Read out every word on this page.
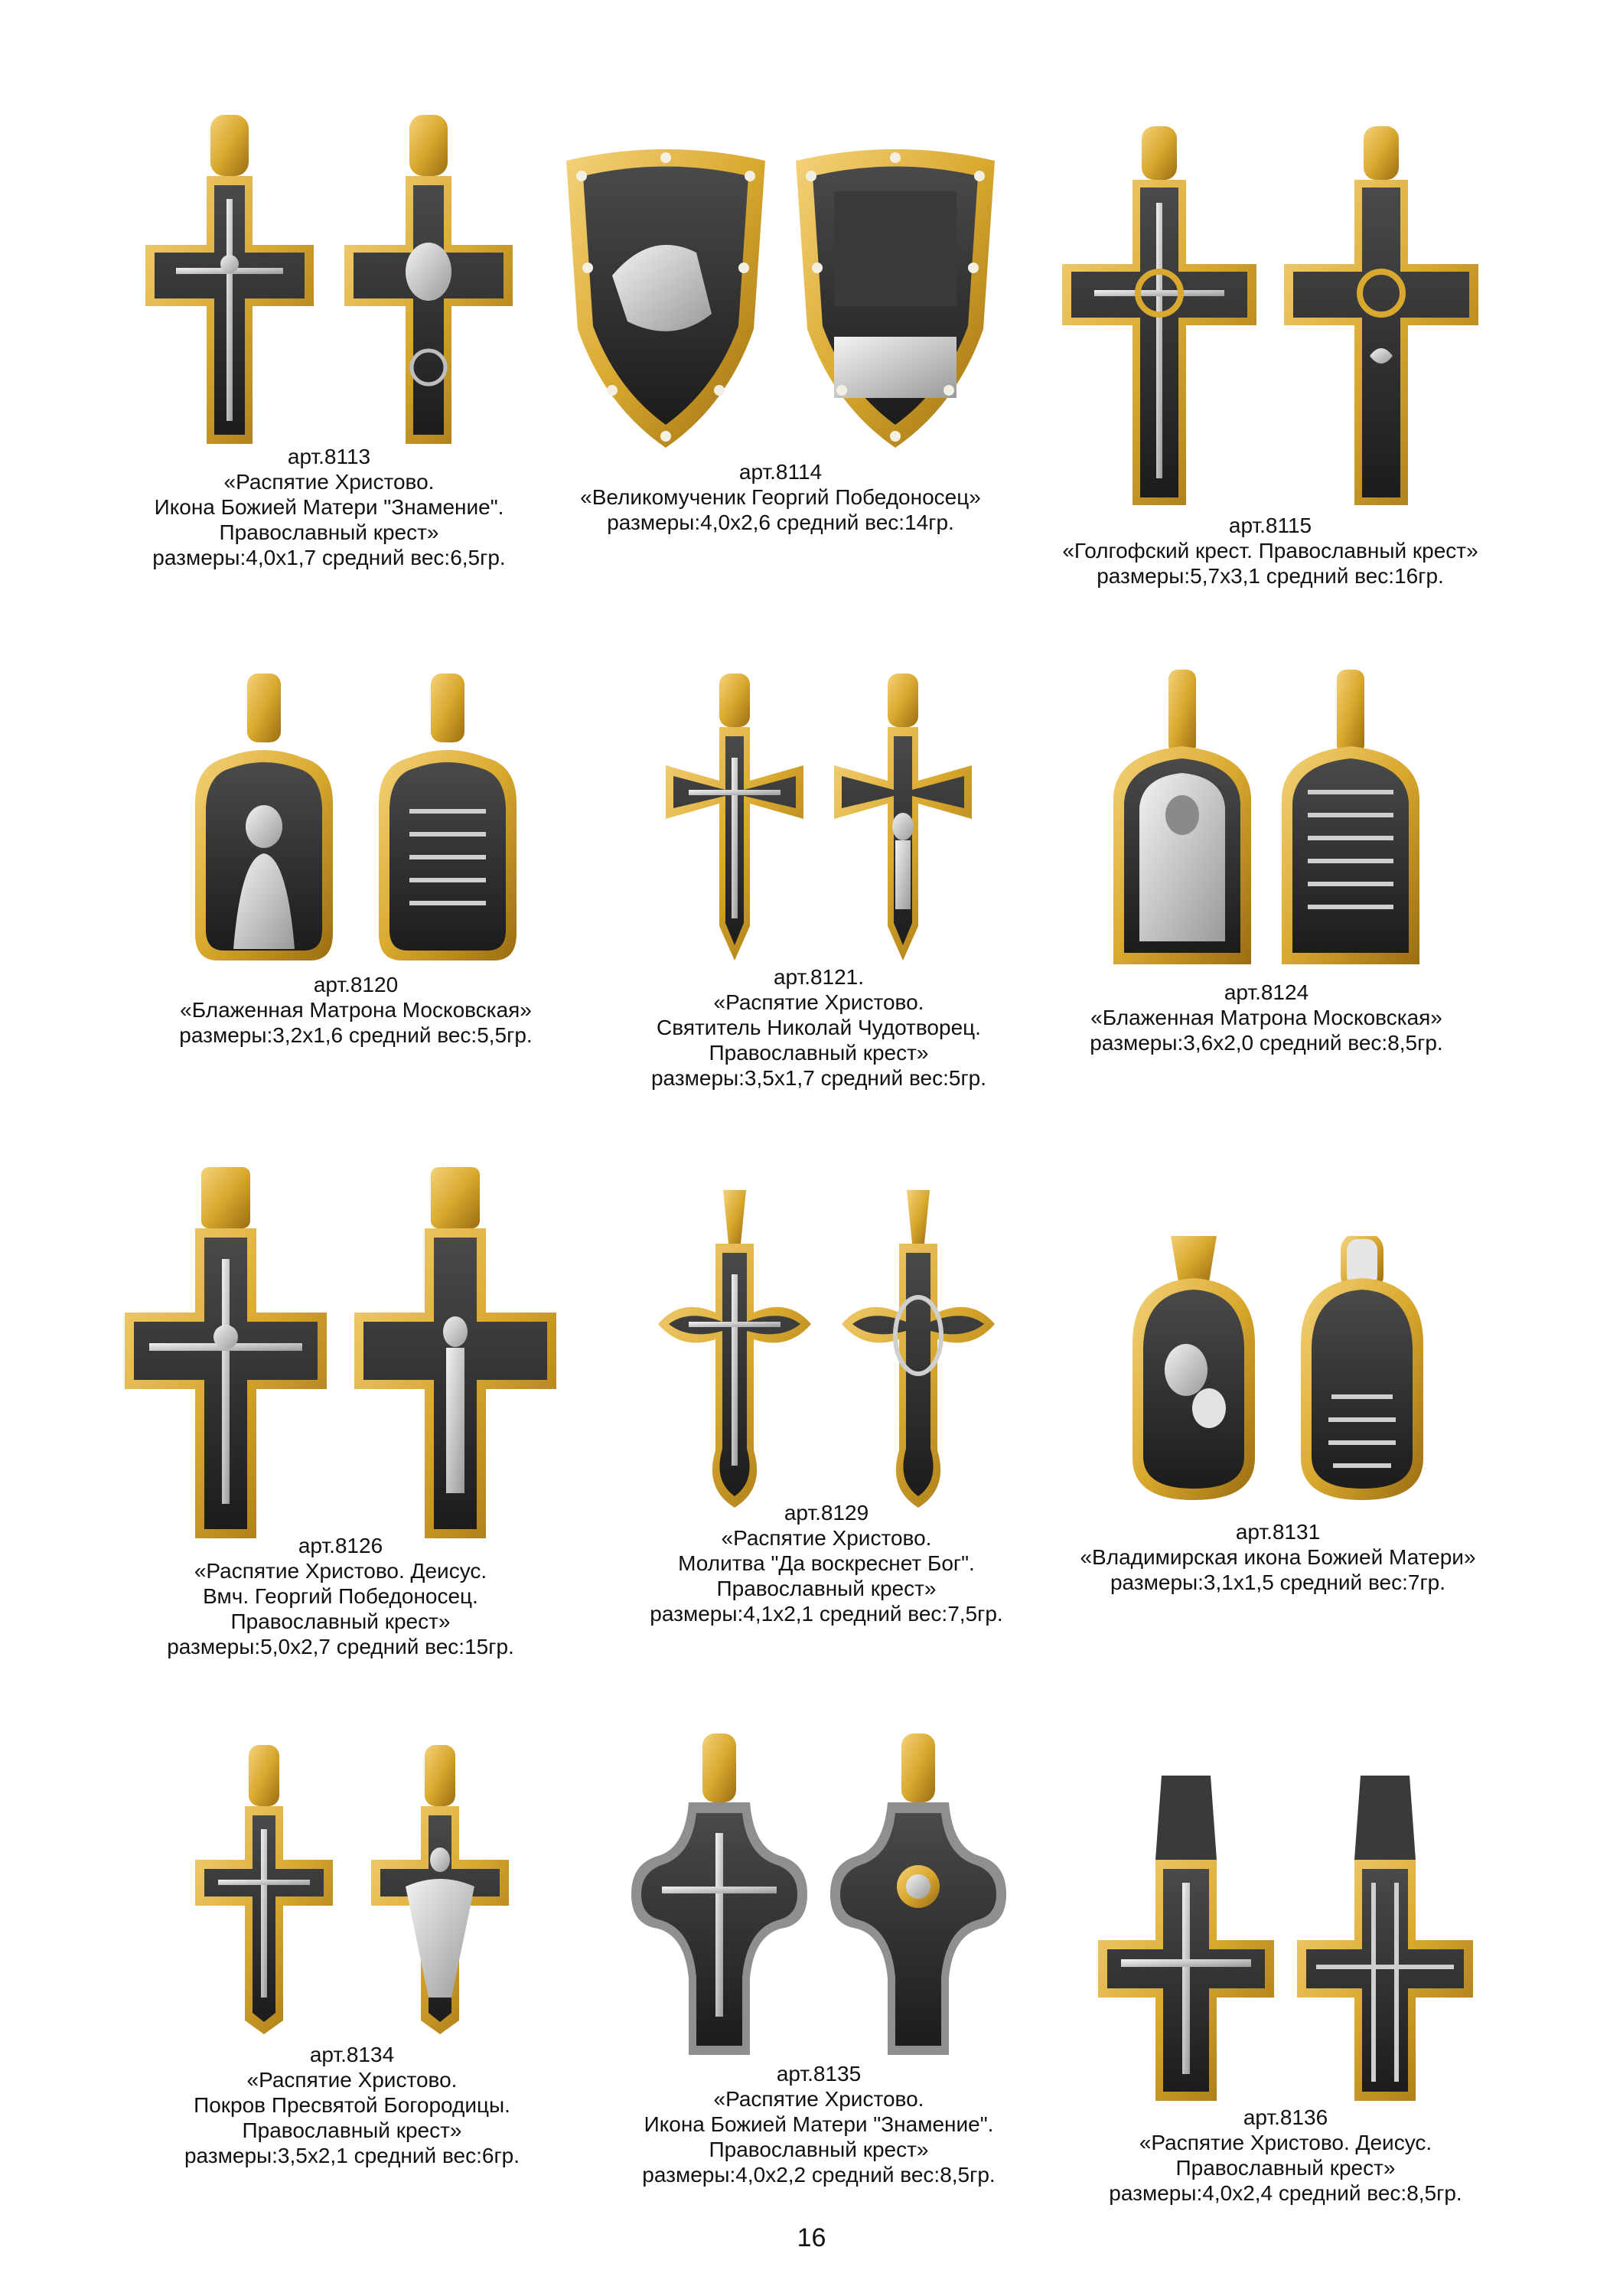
арт.8113
«Распятие Христово.
Икона Божией Матери "Знамение".
Православный крест»
размеры:4,0х1,7 средний вес:6,5гр.
арт.8114
«Великомученик Георгий Победоносец»
размеры:4,0х2,6 средний вес:14гр.	арт.8115
«Голгофский крест. Православный крест»
размеры:5,7х3,1 средний вес:16гр.
арт.8120
«Блаженная Матрона Московская»
размеры:3,2х1,6 средний вес:5,5гр.
арт.8121.
«Распятие Христово.
Святитель Николай Чудотворец.
Православный крест»
размеры:3,5х1,7 средний вес:5гр.
арт.8124
«Блаженная Матрона Московская»
размеры:3,6х2,0 средний вес:8,5гр.
арт.8126
«Распятие Христово. Деисус.
Вмч. Георгий Победоносец.
Православный крест»
размеры:5,0х2,7 средний вес:15гр.
арт.8129
«Распятие Христово.
Молитва "Да воскреснет Бог".
Православный крест»
размеры:4,1х2,1 средний вес:7,5гр.
арт.8131
«Владимирская икона Божией Матери»
размеры:3,1х1,5 средний вес:7гр.
арт.8134
«Распятие Христово.
Покров Пресвятой Богородицы.
Православный крест»
размеры:3,5х2,1 средний вес:6гр.
арт.8135
«Распятие Христово.
Икона Божией Матери "Знамение".
Православный крест»
размеры:4,0х2,2 средний вес:8,5гр.
арт.8136
«Распятие Христово. Деисус.
Православный крест»
размеры:4,0х2,4 средний вес:8,5гр.
16
